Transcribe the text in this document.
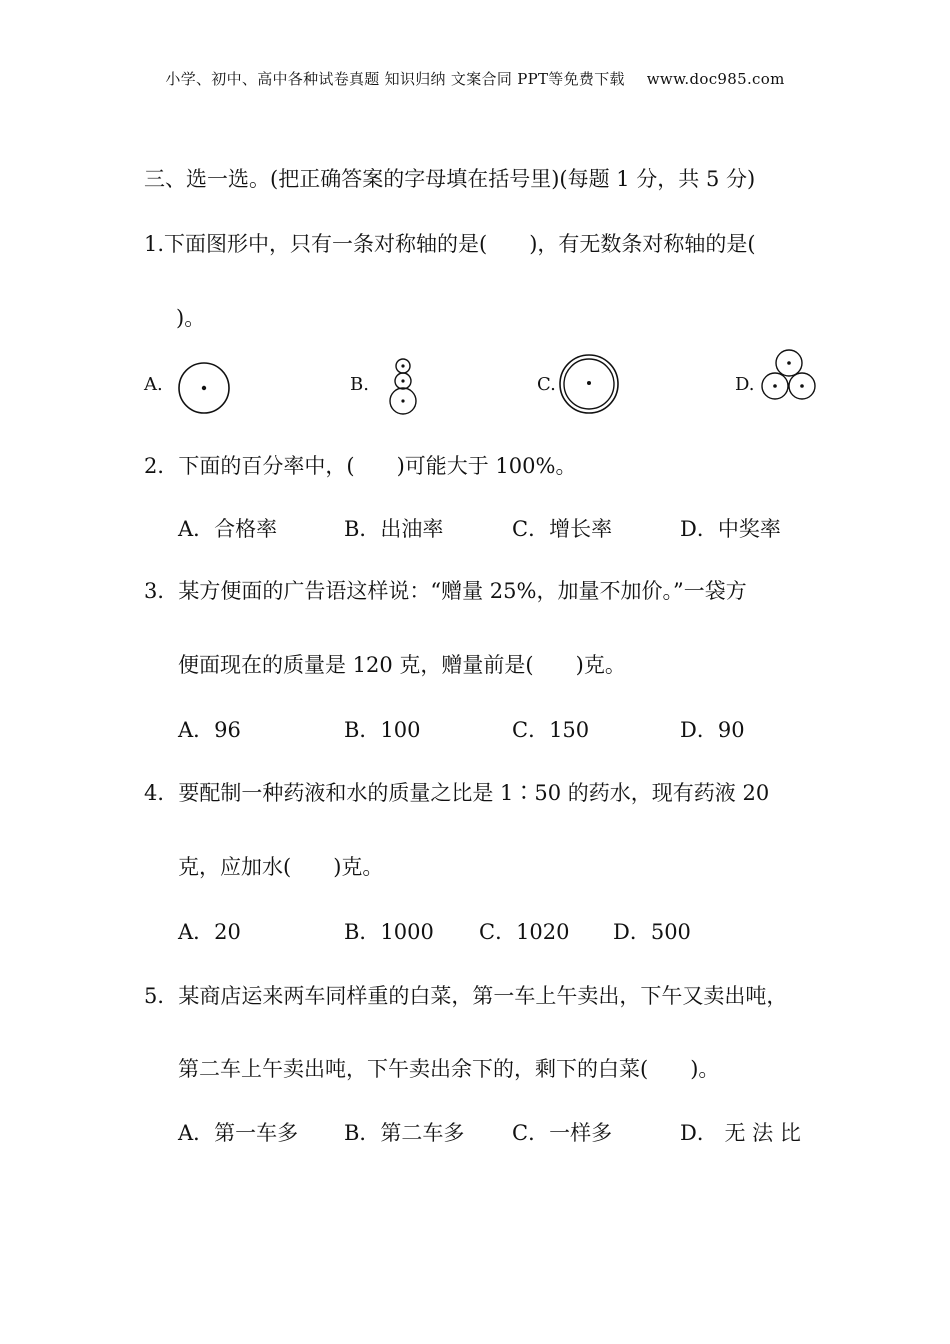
小学、初中、高中各种试卷真题 知识归纳 文案合同 PPT等免费下载 www.doc985.com
三、选一选。(把正确答案的字母填在括号里)(每题 1 分，共 5 分)
1.下面图形中，只有一条对称轴的是(　　)，有无数条对称轴的是(
)。
A.	B.	C.	D.
2．下面的百分率中，(　　)可能大于 100%。
A．合格率	B．出油率	C．增长率	D．中奖率
3．某方便面的广告语这样说：“赠量 25%，加量不加价。”一袋方
便面现在的质量是 120 克，赠量前是(　　)克。
A．96	B．100	C．150	D．90
4．要配制一种药液和水的质量之比是 1∶50 的药水，现有药液 20
克，应加水(　　)克。
A．20	B．1000 C．1020 D．500
5．某商店运来两车同样重的白菜，第一车上午卖出，下午又卖出吨，
第二车上午卖出吨，下午卖出余下的，剩下的白菜(　　)。
A．第一车多 B．第二车多 C．一样多	D． 无 法 比
